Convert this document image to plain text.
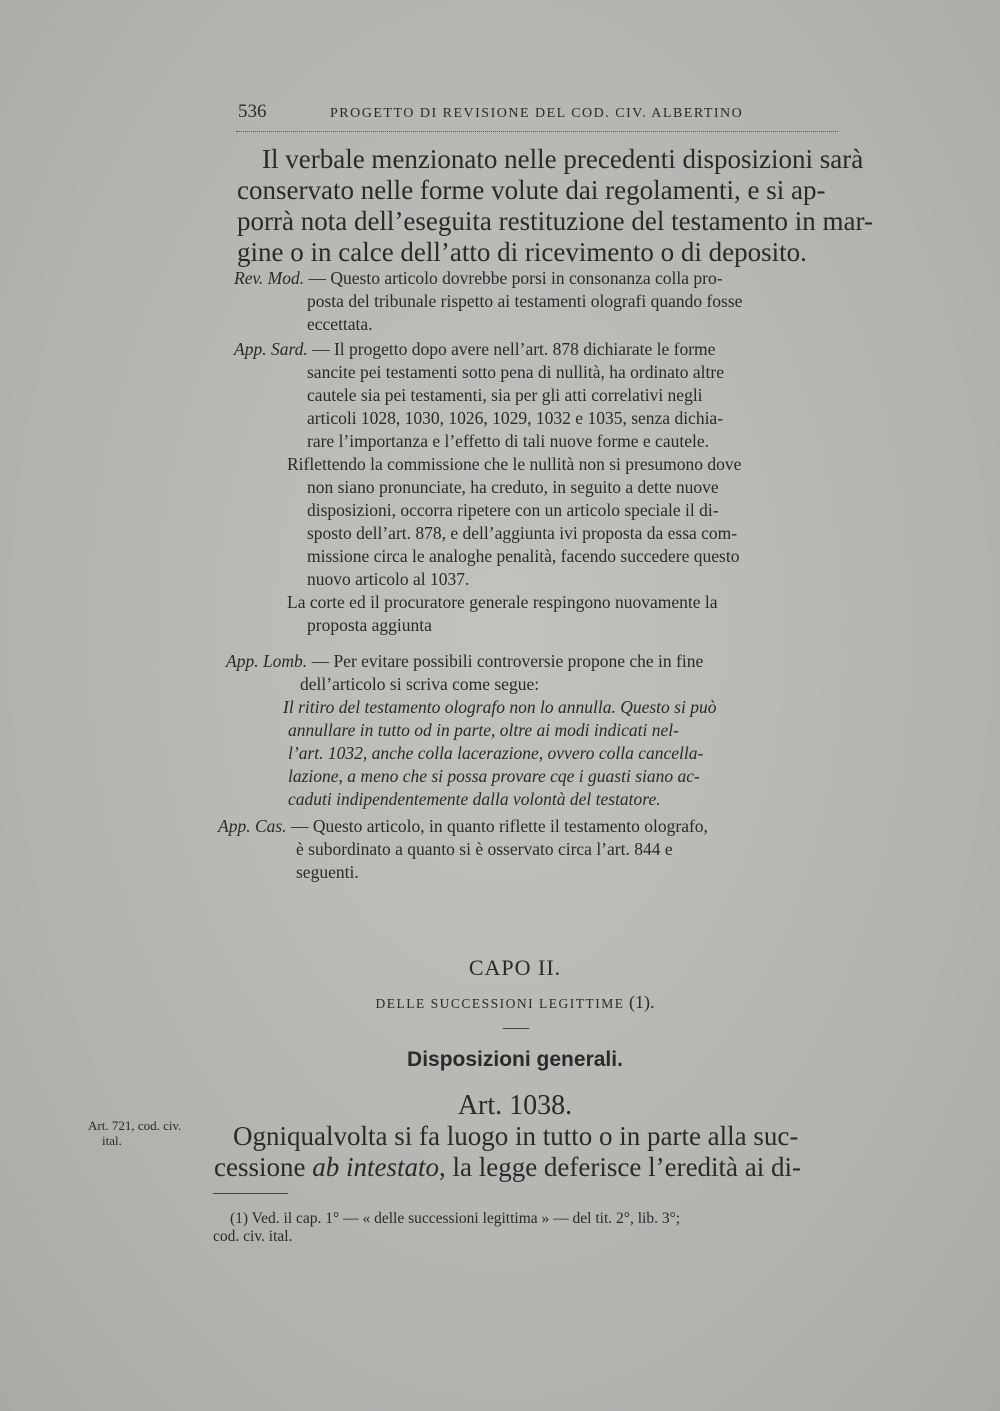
536	PROGETTO DI REVISIONE DEL COD. CIV. ALBERTINO
Il verbale menzionato nelle precedenti disposizioni sarà
conservato nelle forme volute dai regolamenti, e si ap-
porrà nota dell’eseguita restituzione del testamento in mar-
gine o in calce dell’atto di ricevimento o di deposito.
Rev. Mod. — Questo articolo dovrebbe porsi in consonanza colla pro-
posta del tribunale rispetto ai testamenti olografi quando fosse
eccettata.
App. Sard. — Il progetto dopo avere nell’art. 878 dichiarate le forme
sancite pei testamenti sotto pena di nullità, ha ordinato altre
cautele sia pei testamenti, sia per gli atti correlativi negli
articoli 1028, 1030, 1026, 1029, 1032 e 1035, senza dichia-
rare l’importanza e l’effetto di tali nuove forme e cautele.
Riflettendo la commissione che le nullità non si presumono dove
non siano pronunciate, ha creduto, in seguito a dette nuove
disposizioni, occorra ripetere con un articolo speciale il di-
sposto dell’art. 878, e dell’aggiunta ivi proposta da essa com-
missione circa le analoghe penalità, facendo succedere questo
nuovo articolo al 1037.
La corte ed il procuratore generale respingono nuovamente la
proposta aggiunta
App. Lomb. — Per evitare possibili controversie propone che in fine
dell’articolo si scriva come segue:
Il ritiro del testamento olografo non lo annulla. Questo si può
annullare in tutto od in parte, oltre ai modi indicati nel-
l’art. 1032, anche colla lacerazione, ovvero colla cancella-
lazione, a meno che si possa provare cqe i guasti siano ac-
caduti indipendentemente dalla volontà del testatore.
App. Cas. — Questo articolo, in quanto riflette il testamento olografo,
è subordinato a quanto si è osservato circa l’art. 844 e
seguenti.
CAPO II.
DELLE SUCCESSIONI LEGITTIME (1).
Disposizioni generali.
Art. 1038.
Art. 721, cod. civ.
ital.	Ogniqualvolta si fa luogo in tutto o in parte alla suc-
cessione ab intestato, la legge deferisce l’eredità ai di-
(1) Ved. il cap. 1° — « delle successioni legittima » — del tit. 2°, lib. 3°;
cod. civ. ital.
